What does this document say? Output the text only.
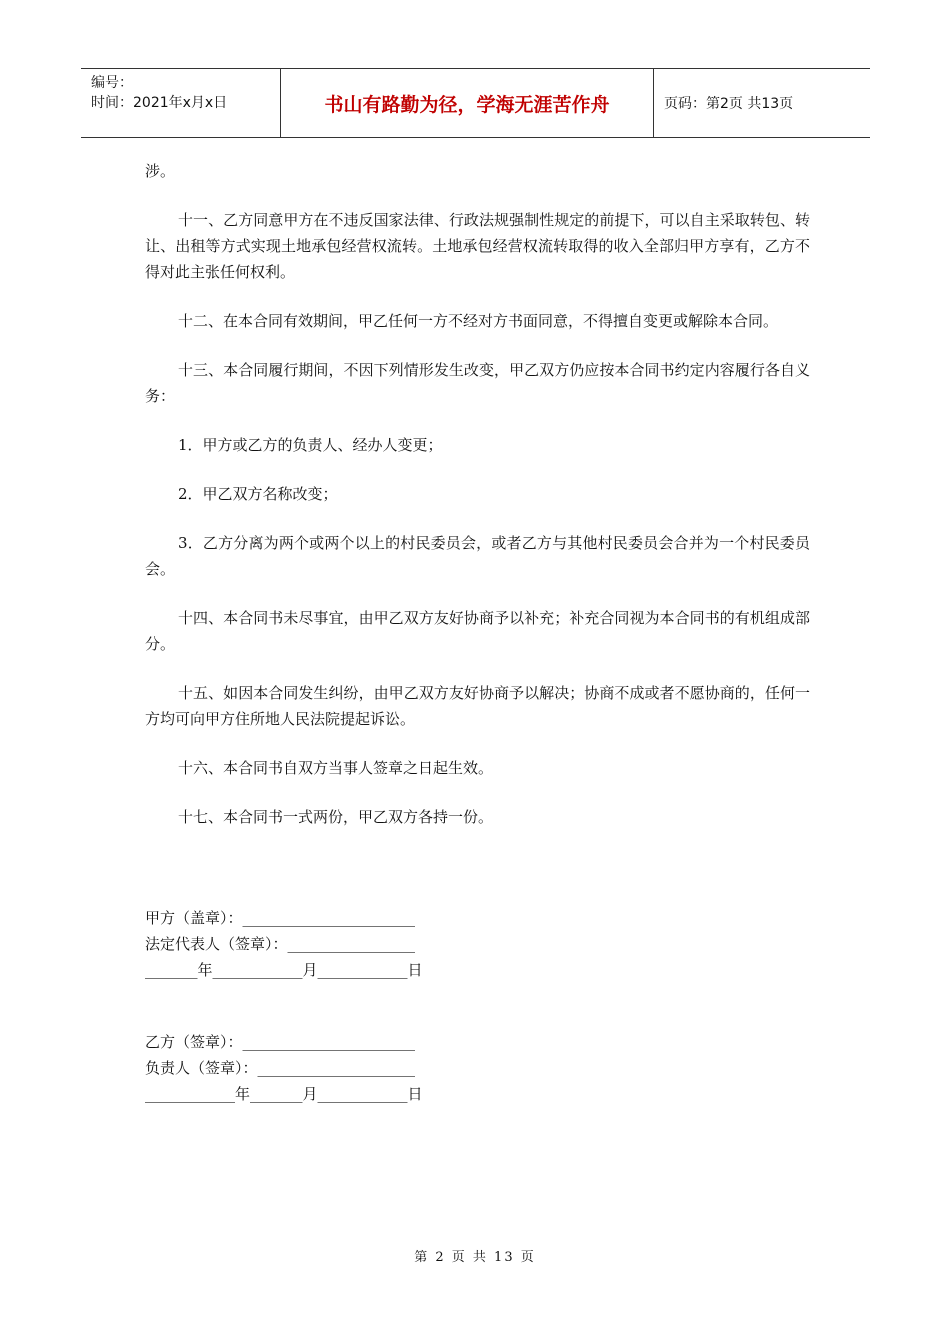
编号：
时间：2021年x月x日	书山有路勤为径，学海无涯苦作舟	页码：第2页 共13页

涉。

十一、乙方同意甲方在不违反国家法律、行政法规强制性规定的前提下，可以自主采取转包、转让、出租等方式实现土地承包经营权流转。土地承包经营权流转取得的收入全部归甲方享有，乙方不得对此主张任何权利。

十二、在本合同有效期间，甲乙任何一方不经对方书面同意，不得擅自变更或解除本合同。

十三、本合同履行期间，不因下列情形发生改变，甲乙双方仍应按本合同书约定内容履行各自义务：

1．甲方或乙方的负责人、经办人变更；

2．甲乙双方名称改变；

3．乙方分离为两个或两个以上的村民委员会，或者乙方与其他村民委员会合并为一个村民委员会。

十四、本合同书未尽事宜，由甲乙双方友好协商予以补充；补充合同视为本合同书的有机组成部分。

十五、如因本合同发生纠纷，由甲乙双方友好协商予以解决；协商不成或者不愿协商的，任何一方均可向甲方住所地人民法院提起诉讼。

十六、本合同书自双方当事人签章之日起生效。

十七、本合同书一式两份，甲乙双方各持一份。

甲方（盖章）：_______________________
法定代表人（签章）：_________________
_______年____________月____________日
乙方（签章）：_______________________
负责人（签章）：_____________________
____________年_______月____________日
第 2 页 共 13 页
